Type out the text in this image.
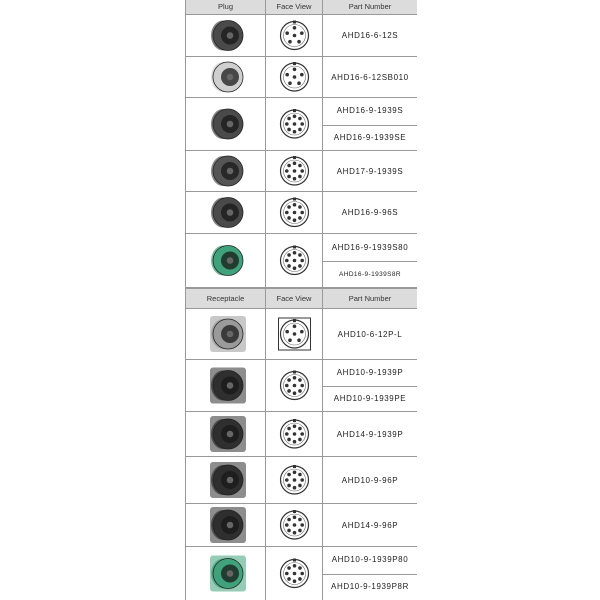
Plug	Face View	Part Number
AHD16-6-12S
AHD16-6-12SB010
AHD16-9-1939S
AHD16-9-1939SE
AHD17-9-1939S
AHD16-9-96S
AHD16-9-1939S80
AHD16-9-1939S8R
Receptacle	Face View	Part Number
AHD10-6-12P-L
AHD10-9-1939P
AHD10-9-1939PE
AHD14-9-1939P
AHD10-9-96P
AHD14-9-96P
AHD10-9-1939P80
AHD10-9-1939P8R
